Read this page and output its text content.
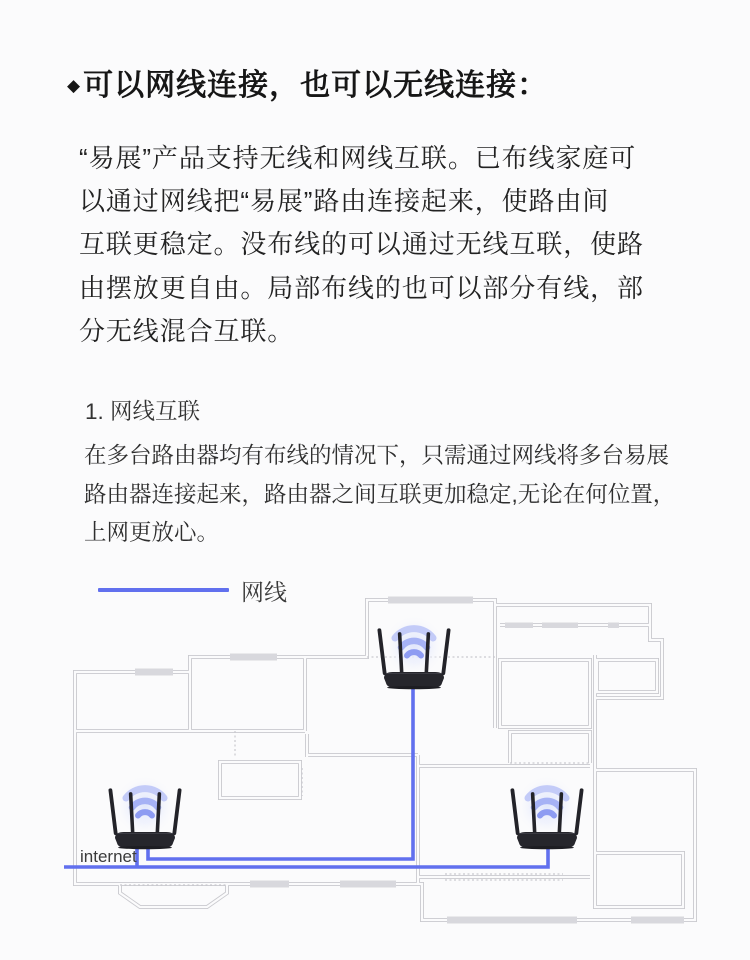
◆ 可以网线连接，也可以无线连接：
“易展”产品支持无线和网线互联。已布线家庭可
以通过网线把“易展”路由连接起来，使路由间
互联更稳定。没布线的可以通过无线互联，使路
由摆放更自由。局部布线的也可以部分有线，部
分无线混合互联。
1. 网线互联
在多台路由器均有布线的情况下，只需通过网线将多台易展
路由器连接起来，路由器之间互联更加稳定,无论在何位置，
上网更放心。
网线
internet
